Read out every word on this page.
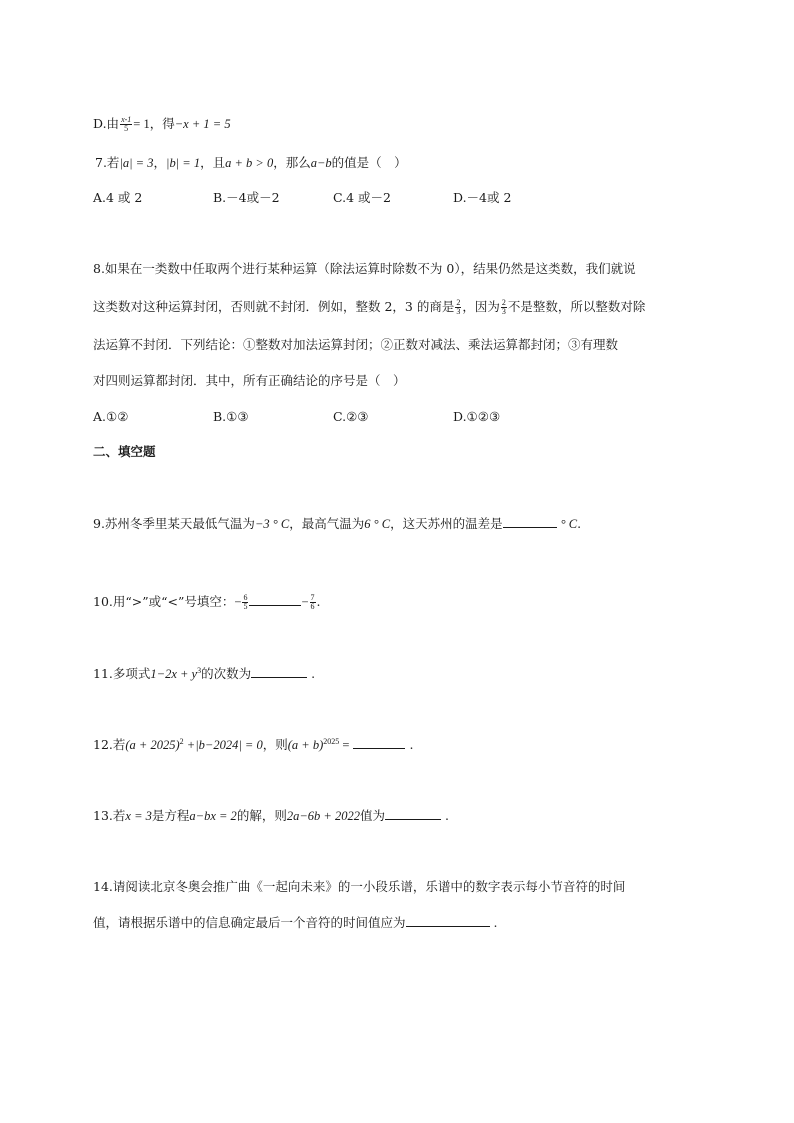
D.由 $\frac{x-1}{5} = 1$，得−x + 1 = 5
7.若|a| = 3，|b| = 1，且a + b > 0，那么a−b的值是（　）
A.4 或 2	B.－4或－2	C.4 或－2	D.－4或 2
8.如果在一类数中任取两个进行某种运算（除法运算时除数不为 0），结果仍然是这类数，我们就说
这类数对这种运算封闭，否则就不封闭．例如，整数 2，3 的商是 $\frac{2}{3}$ ，因为 $\frac{2}{3}$ 不是整数，所以整数对除
法运算不封闭．下列结论：①整数对加法运算封闭；②正数对减法、乘法运算都封闭；③有理数
对四则运算都封闭．其中，所有正确结论的序号是（　）
A.①②	B.①③	C.②③	D.①②③
二、填空题
9.苏州冬季里某天最低气温为−3 ° C，最高气温为6 ° C，这天苏州的温差是	° C.
10.用“>”或“<”号填空：− $\frac{6}{5}$	− $\frac{7}{6}$ .
11.多项式$1-2x + y^3$的次数为	.
12.若$(a + 2025)^2 +|b-2024| = 0$，则$(a + b)^{2025}$ =	.
13.若x = 3是方程a−bx = 2的解，则2a−6b + 2022值为	.
14.请阅读北京冬奥会推广曲《一起向未来》的一小段乐谱，乐谱中的数字表示每小节音符的时间
值，请根据乐谱中的信息确定最后一个音符的时间值应为	.
